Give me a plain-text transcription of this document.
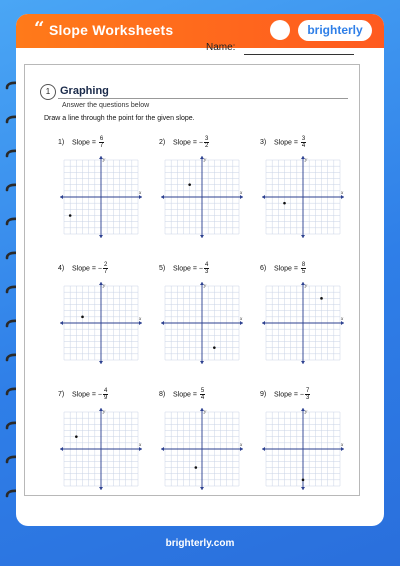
“ Slope Worksheets	brighterly
Name:
1 Graphing
Answer the questions below
Draw a line through the point for the given slope.
1) Slope = $\frac{6}{7}$
x
y
2) Slope = − $\frac{3}{2}$
x
y
3) Slope = $\frac{3}{4}$
x
y
4) Slope = − $\frac{2}{7}$
x
y
5) Slope = − $\frac{4}{3}$
x
y
6) Slope = $\frac{8}{5}$
x
y
7) Slope = − $\frac{4}{9}$
x
y
8) Slope = $\frac{5}{4}$
x
y
9) Slope = − $\frac{7}{3}$
x
y
brighterly.com
